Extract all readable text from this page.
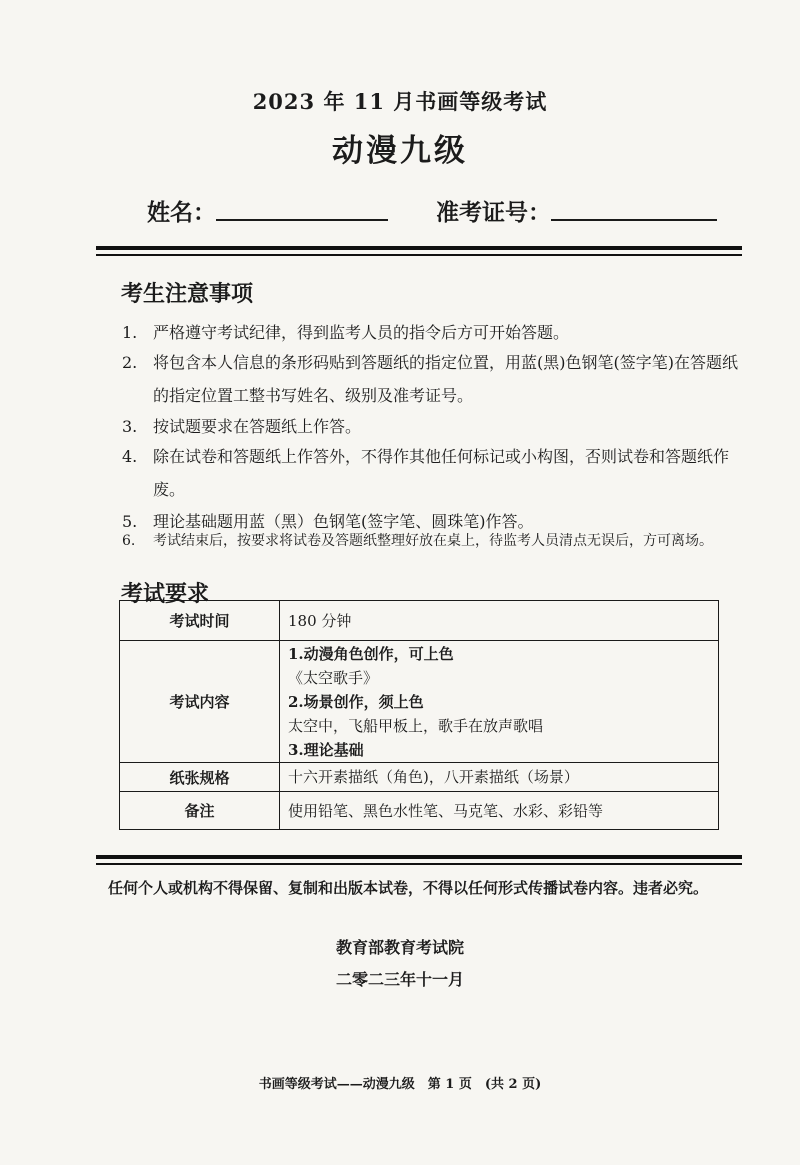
2023 年 11 月书画等级考试
动漫九级
姓名：	准考证号：
考生注意事项
1. 严格遵守考试纪律，得到监考人员的指令后方可开始答题。
2. 将包含本人信息的条形码贴到答题纸的指定位置，用蓝(黑)色钢笔(签字笔)在答题纸的指定位置工整书写姓名、级别及准考证号。
3. 按试题要求在答题纸上作答。
4. 除在试卷和答题纸上作答外，不得作其他任何标记或小构图，否则试卷和答题纸作废。
5. 理论基础题用蓝（黑）色钢笔(签字笔、圆珠笔)作答。
6.	考试结束后，按要求将试卷及答题纸整理好放在桌上，待监考人员清点无误后，方可离场。
考试要求
考试时间	180 分钟

考试内容	1.动漫角色创作，可上色
《太空歌手》
2.场景创作，须上色
太空中，飞船甲板上，歌手在放声歌唱
3.理论基础

纸张规格	十六开素描纸（角色)，八开素描纸（场景）

备注	使用铅笔、黑色水性笔、马克笔、水彩、彩铅等
任何个人或机构不得保留、复制和出版本试卷，不得以任何形式传播试卷内容。违者必究。
教育部教育考试院
二零二三年十一月
书画等级考试——动漫九级　第 1 页　(共 2 页)
